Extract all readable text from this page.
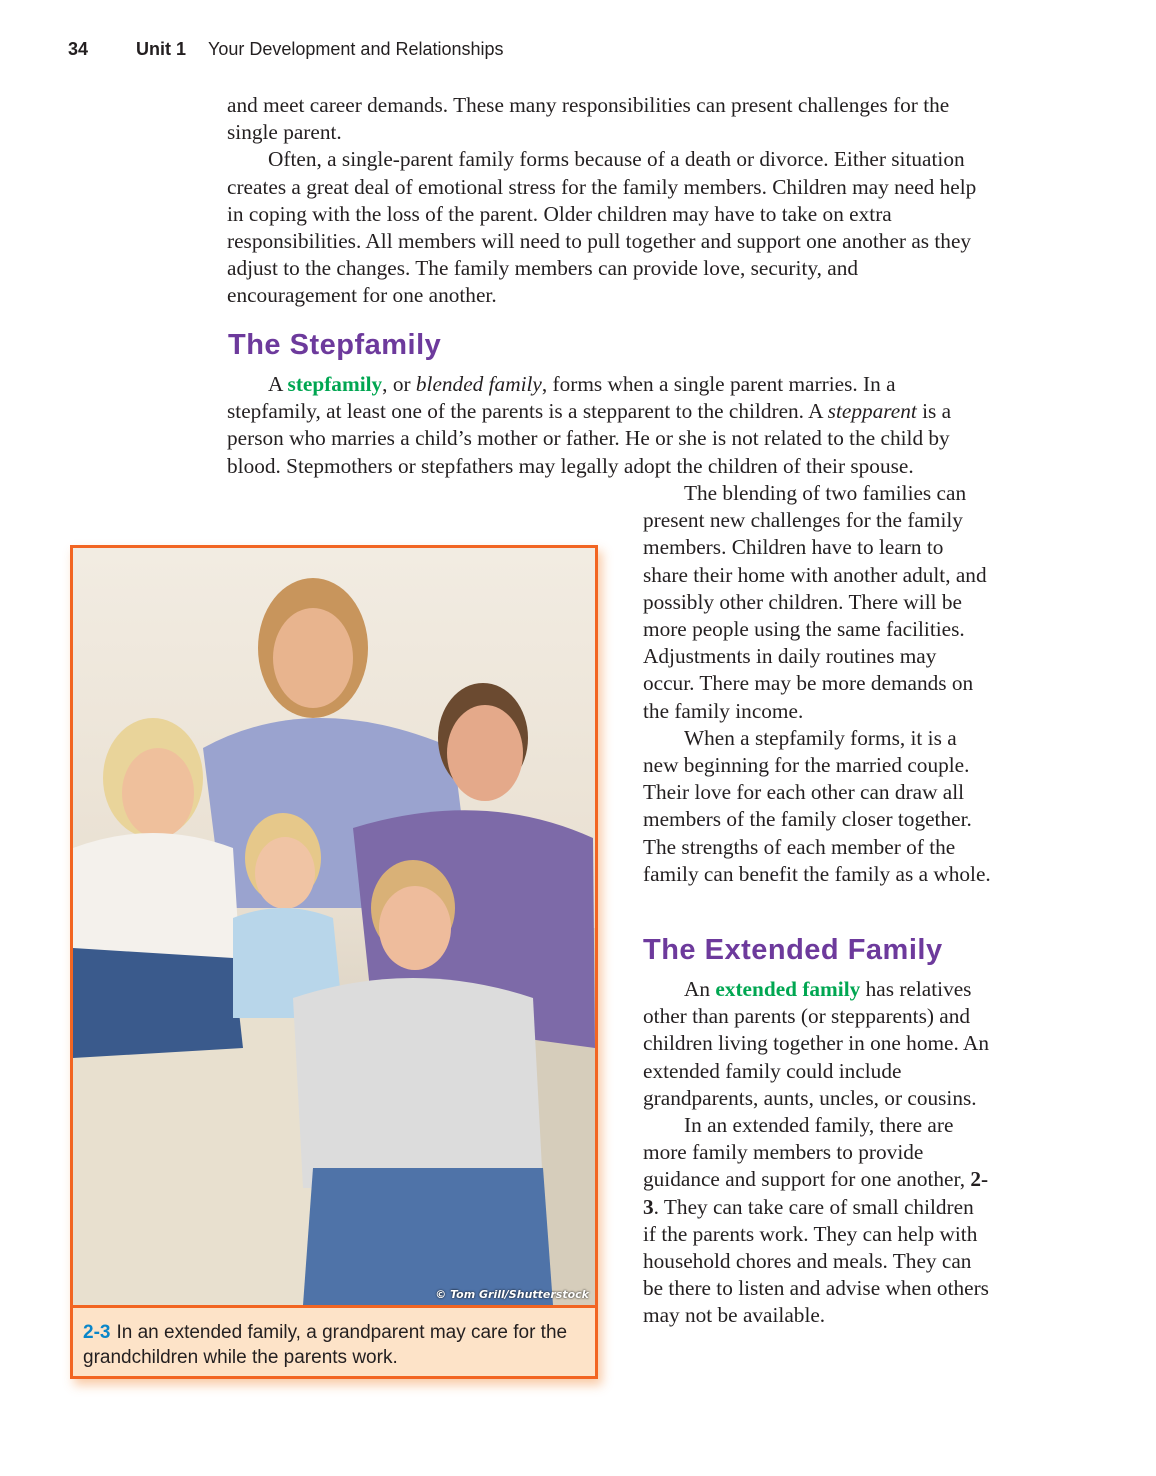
34	Unit 1 Your Development and Relationships

and meet career demands. These many responsibilities can present challenges for the single parent.

Often, a single-parent family forms because of a death or divorce. Either situation creates a great deal of emotional stress for the family members. Children may need help in coping with the loss of the parent. Older children may have to take on extra responsibilities. All members will need to pull together and support one another as they adjust to the changes. The family members can provide love, security, and encouragement for one another.

The Stepfamily

A stepfamily, or blended family, forms when a single parent marries. In a stepfamily, at least one of the parents is a stepparent to the children. A stepparent is a person who marries a child’s mother or father. He or she is not related to the child by blood. Stepmothers or stepfathers may legally adopt the children of their spouse.

The blending of two families can present new challenges for the family members. Children have to learn to share their home with another adult, and possibly other children. There will be more people using the same facilities. Adjustments in daily routines may occur. There may be more demands on the family income.

When a stepfamily forms, it is a new beginning for the married couple. Their love for each other can draw all members of the family closer together. The strengths of each member of the family can benefit the family as a whole.

The Extended Family

An extended family has relatives other than parents (or stepparents) and children living together in one home. An extended family could include grandparents, aunts, uncles, or cousins.

In an extended family, there are more family members to provide guidance and support for one another, 2-3. They can take care of small children if the parents work. They can help with household chores and meals. They can be there to listen and advise when others may not be available.

© Tom Grill/Shutterstock
2-3 In an extended family, a grandparent may care for the grandchildren while the parents work.
